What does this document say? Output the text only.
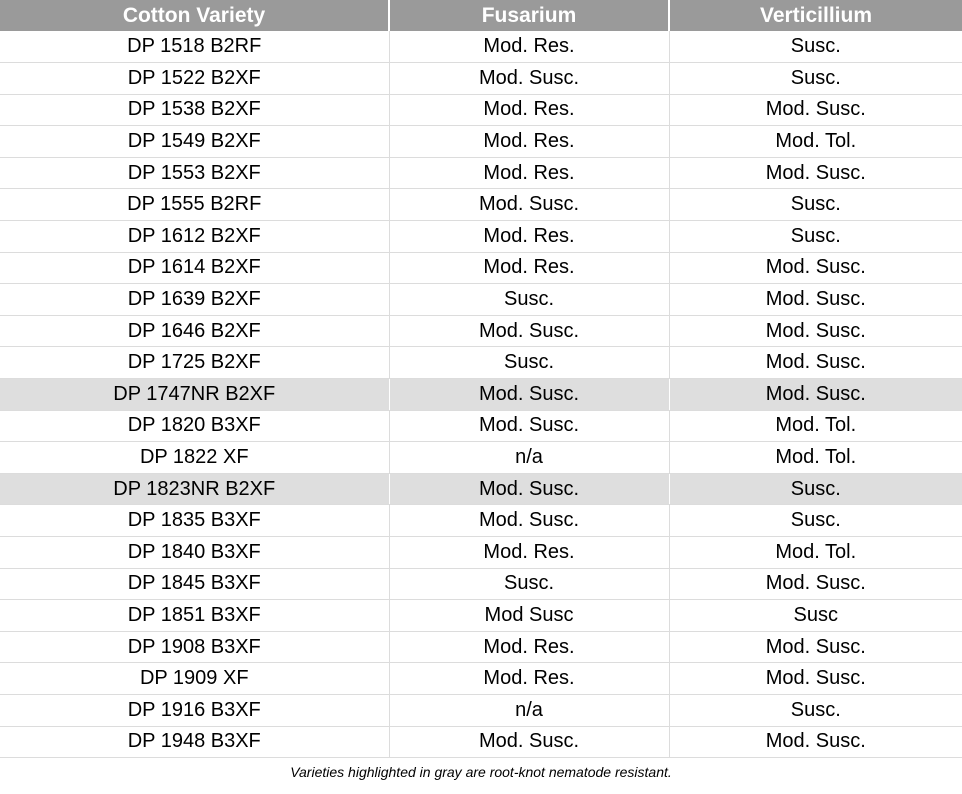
Cotton Variety	Fusarium	Verticillium
DP 1518 B2RF	Mod. Res.	Susc.
DP 1522 B2XF	Mod. Susc.	Susc.
DP 1538 B2XF	Mod. Res.	Mod. Susc.
DP 1549 B2XF	Mod. Res.	Mod. Tol.
DP 1553 B2XF	Mod. Res.	Mod. Susc.
DP 1555 B2RF	Mod. Susc.	Susc.
DP 1612 B2XF	Mod. Res.	Susc.
DP 1614 B2XF	Mod. Res.	Mod. Susc.
DP 1639 B2XF	Susc.	Mod. Susc.
DP 1646 B2XF	Mod. Susc.	Mod. Susc.
DP 1725 B2XF	Susc.	Mod. Susc.
DP 1747NR B2XF	Mod. Susc.	Mod. Susc.
DP 1820 B3XF	Mod. Susc.	Mod. Tol.
DP 1822 XF	n/a	Mod. Tol.
DP 1823NR B2XF	Mod. Susc.	Susc.
DP 1835 B3XF	Mod. Susc.	Susc.
DP 1840 B3XF	Mod. Res.	Mod. Tol.
DP 1845 B3XF	Susc.	Mod. Susc.
DP 1851 B3XF	Mod Susc	Susc
DP 1908 B3XF	Mod. Res.	Mod. Susc.
DP 1909 XF	Mod. Res.	Mod. Susc.
DP 1916 B3XF	n/a	Susc.
DP 1948 B3XF	Mod. Susc.	Mod. Susc.
Varieties highlighted in gray are root-knot nematode resistant.
